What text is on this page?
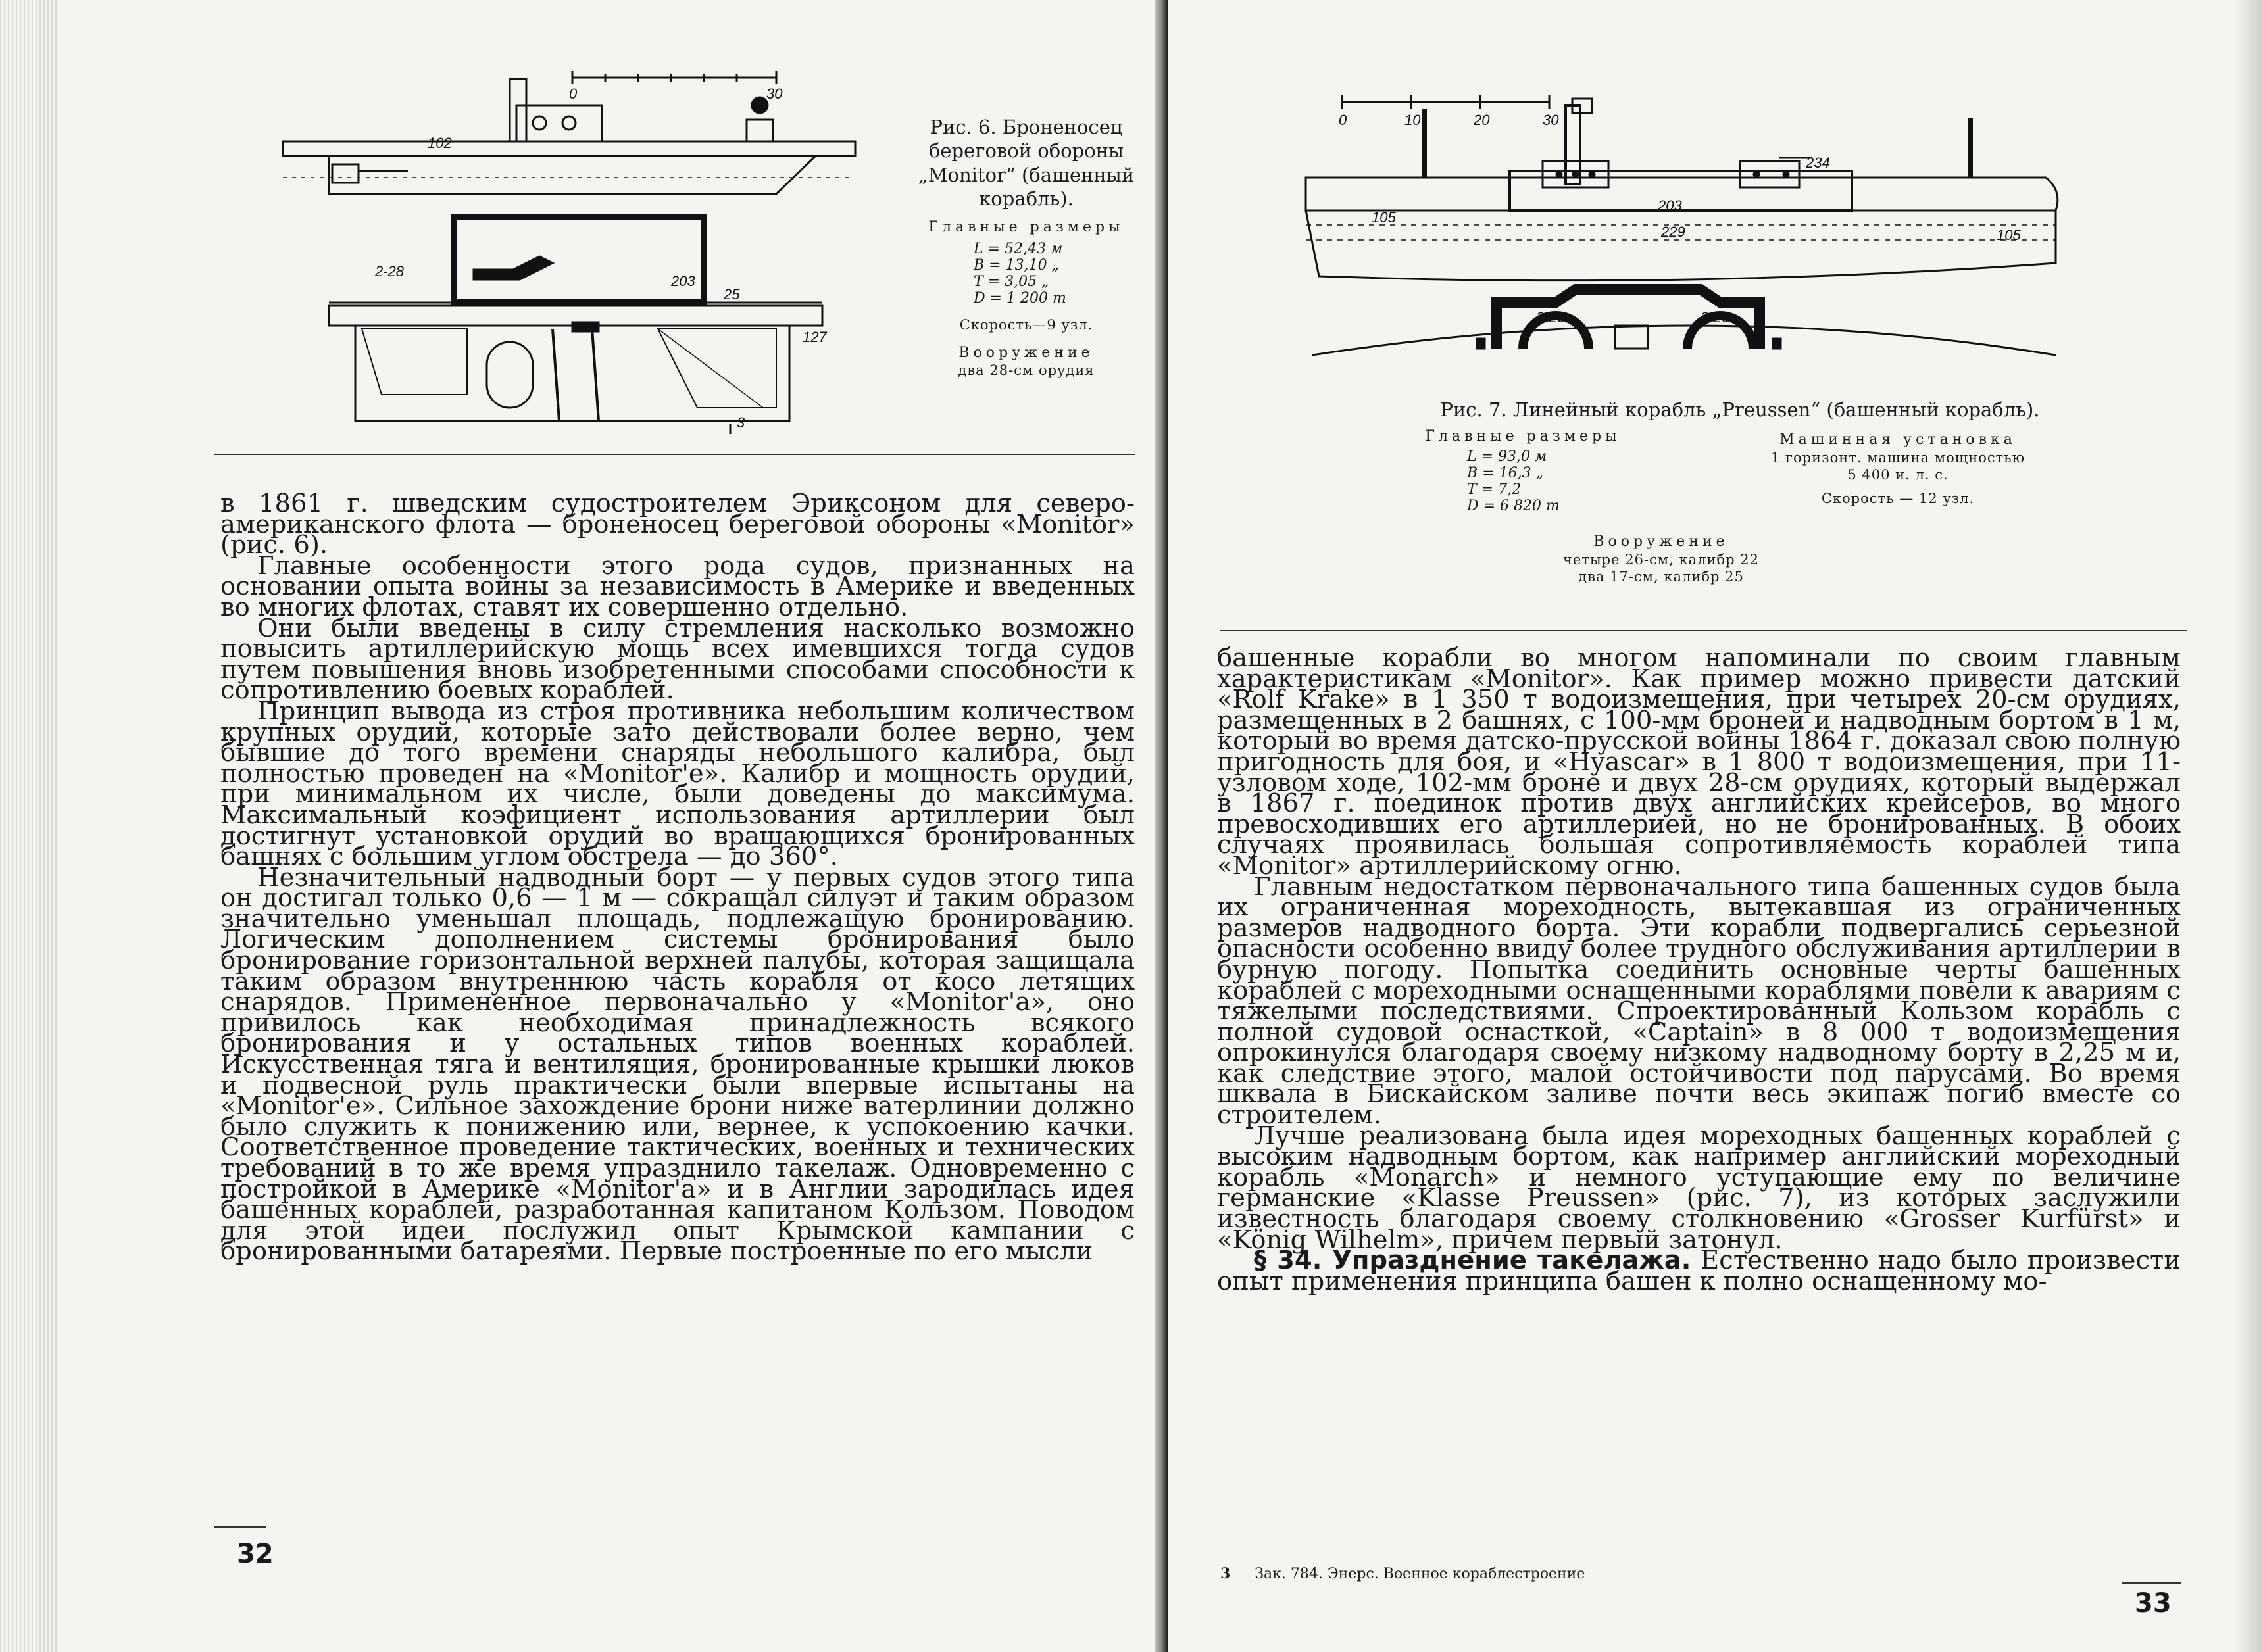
0	30
102
2-28
203
25
127
3
Рис. 6. Броненосец береговой обороны „Monitor“ (башенный корабль).
Главные размеры
L = 52,43 м
B = 13,10 „
T = 3,05 „
D = 1 200 т
Скорость—9 узл.
Вооружение
два 28-см орудия

в 1861 г. шведским судостроителем Эриксоном для северо-американского флота — броненосец береговой обороны «Monitor» (рис. 6).

Главные особенности этого рода судов, признанных на основании опыта войны за независимость в Америке и введенных во многих флотах, ставят их совершенно отдельно.

Они были введены в силу стремления насколько возможно повысить артиллерийскую мощь всех имевшихся тогда судов путем повышения вновь изобретенными способами способности к сопротивлению боевых кораблей.

Принцип вывода из строя противника небольшим количеством крупных орудий, которые зато действовали более верно, чем бывшие до того времени снаряды небольшого калибра, был полностью проведен на «Monitor'e». Калибр и мощность орудий, при минимальном их числе, были доведены до максимума. Максимальный коэфициент использования артиллерии был достигнут установкой орудий во вращающихся бронированных башнях с большим углом обстрела — до 360°.

Незначительный надводный борт — у первых судов этого типа он достигал только 0,6 — 1 м — сокращал силуэт и таким образом значительно уменьшал площадь, подлежащую бронированию. Логическим дополнением системы бронирования было бронирование горизонтальной верхней палубы, которая защищала таким образом внутреннюю часть корабля от косо летящих снарядов. Примененное первоначально у «Monitor'a», оно привилось как необходимая принадлежность всякого бронирования и у остальных типов военных кораблей. Искусственная тяга и вентиляция, бронированные крышки люков и подвесной руль практически были впервые испытаны на «Monitor'e». Сильное захождение брони ниже ватерлинии должно было служить к понижению или, вернее, к успокоению качки. Соответственное проведение тактических, военных и технических требований в то же время упразднило такелаж. Одновременно с постройкой в Америке «Monitor'a» и в Англии зародилась идея башенных кораблей, разработанная капитаном Кользом. Поводом для этой идеи послужил опыт Крымской кампании с бронированными батареями. Первые построенные по его мысли

32
0	10	20	30
234
203
105
229	105
2-26	2-26
Рис. 7. Линейный корабль „Preussen“ (башенный корабль).
Главные размеры
L = 93,0 м
B = 16,3 „
T = 7,2
D = 6 820 т
Машинная установка
1 горизонт. машина мощностью
5 400 и. л. с.
Скорость — 12 узл.
Вооружение
четыре 26-см, калибр 22
два 17-см, калибр 25

башенные корабли во многом напоминали по своим главным характеристикам «Monitor». Как пример можно привести датский «Rolf Krake» в 1 350 т водоизмещения, при четырех 20-см орудиях, размещенных в 2 башнях, с 100-мм броней и надводным бортом в 1 м, который во время датско-прусской войны 1864 г. доказал свою полную пригодность для боя, и «Hyascar» в 1 800 т водоизмещения, при 11-узловом ходе, 102-мм броне и двух 28-см орудиях, который выдержал в 1867 г. поединок против двух английских крейсеров, во много превосходивших его артиллерией, но не бронированных. В обоих случаях проявилась большая сопротивляемость кораблей типа «Monitor» артиллерийскому огню.

Главным недостатком первоначального типа башенных судов была их ограниченная мореходность, вытекавшая из ограниченных размеров надводного борта. Эти корабли подвергались серьезной опасности особенно ввиду более трудного обслуживания артиллерии в бурную погоду. Попытка соединить основные черты башенных кораблей с мореходными оснащенными кораблями повели к авариям с тяжелыми последствиями. Спроектированный Кользом корабль с полной судовой оснасткой, «Captain» в 8 000 т водоизмещения опрокинулся благодаря своему низкому надводному борту в 2,25 м и, как следствие этого, малой остойчивости под парусами. Во время шквала в Бискайском заливе почти весь экипаж погиб вместе со строителем.

Лучше реализована была идея мореходных башенных кораблей с высоким надводным бортом, как например английский мореходный корабль «Monarch» и немного уступающие ему по величине германские «Klasse Preussen» (рис. 7), из которых заслужили известность благодаря своему столкновению «Grosser Kurfürst» и «König Wilhelm», причем первый затонул.

§ 34. Упразднение такелажа. Естественно надо было произвести опыт применения принципа башен к полно оснащенному мо-

3 Зак. 784. Энерс. Военное кораблестроение
33
